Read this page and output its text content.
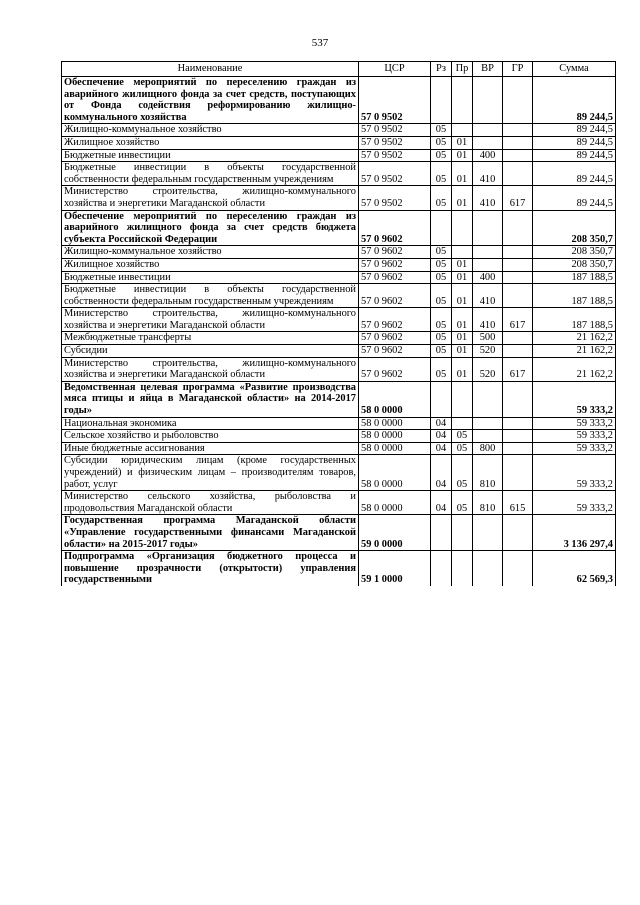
537
Наименование	ЦСР	Рз	Пр	ВР	ГР	Сумма
Обеспечение мероприятий по переселению граждан из аварийного жилищного фонда за счет средств, поступающих от Фонда содействия реформированию жилищно-коммунального хозяйства	57 0 9502					89 244,5
Жилищно-коммунальное хозяйство	57 0 9502	05				89 244,5
Жилищное хозяйство	57 0 9502	05	01			89 244,5
Бюджетные инвестиции	57 0 9502	05	01	400		89 244,5
Бюджетные инвестиции в объекты государственной собственности федеральным государственным учреждениям	57 0 9502	05	01	410		89 244,5
Министерство строительства, жилищно-коммунального хозяйства и энергетики Магаданской области	57 0 9502	05	01	410	617	89 244,5
Обеспечение мероприятий по переселению граждан из аварийного жилищного фонда за счет средств бюджета субъекта Российской Федерации	57 0 9602					208 350,7
Жилищно-коммунальное хозяйство	57 0 9602	05				208 350,7
Жилищное хозяйство	57 0 9602	05	01			208 350,7
Бюджетные инвестиции	57 0 9602	05	01	400		187 188,5
Бюджетные инвестиции в объекты государственной собственности федеральным государственным учреждениям	57 0 9602	05	01	410		187 188,5
Министерство строительства, жилищно-коммунального хозяйства и энергетики Магаданской области	57 0 9602	05	01	410	617	187 188,5
Межбюджетные трансферты	57 0 9602	05	01	500		21 162,2
Субсидии	57 0 9602	05	01	520		21 162,2
Министерство строительства, жилищно-коммунального хозяйства и энергетики Магаданской области	57 0 9602	05	01	520	617	21 162,2
Ведомственная целевая программа «Развитие производства мяса птицы и яйца в Магаданской области» на 2014-2017 годы»	58 0 0000					59 333,2
Национальная экономика	58 0 0000	04				59 333,2
Сельское хозяйство и рыболовство	58 0 0000	04	05			59 333,2
Иные бюджетные ассигнования	58 0 0000	04	05	800		59 333,2
Субсидии юридическим лицам (кроме государственных учреждений) и физическим лицам – производителям товаров, работ, услуг	58 0 0000	04	05	810		59 333,2
Министерство сельского хозяйства, рыболовства и продовольствия Магаданской области	58 0 0000	04	05	810	615	59 333,2
Государственная программа Магаданской области «Управление государственными финансами Магаданской области» на 2015-2017 годы»	59 0 0000					3 136 297,4
Подпрограмма «Организация бюджетного процесса и повышение прозрачности (открытости) управления государственными	59 1 0000					62 569,3
